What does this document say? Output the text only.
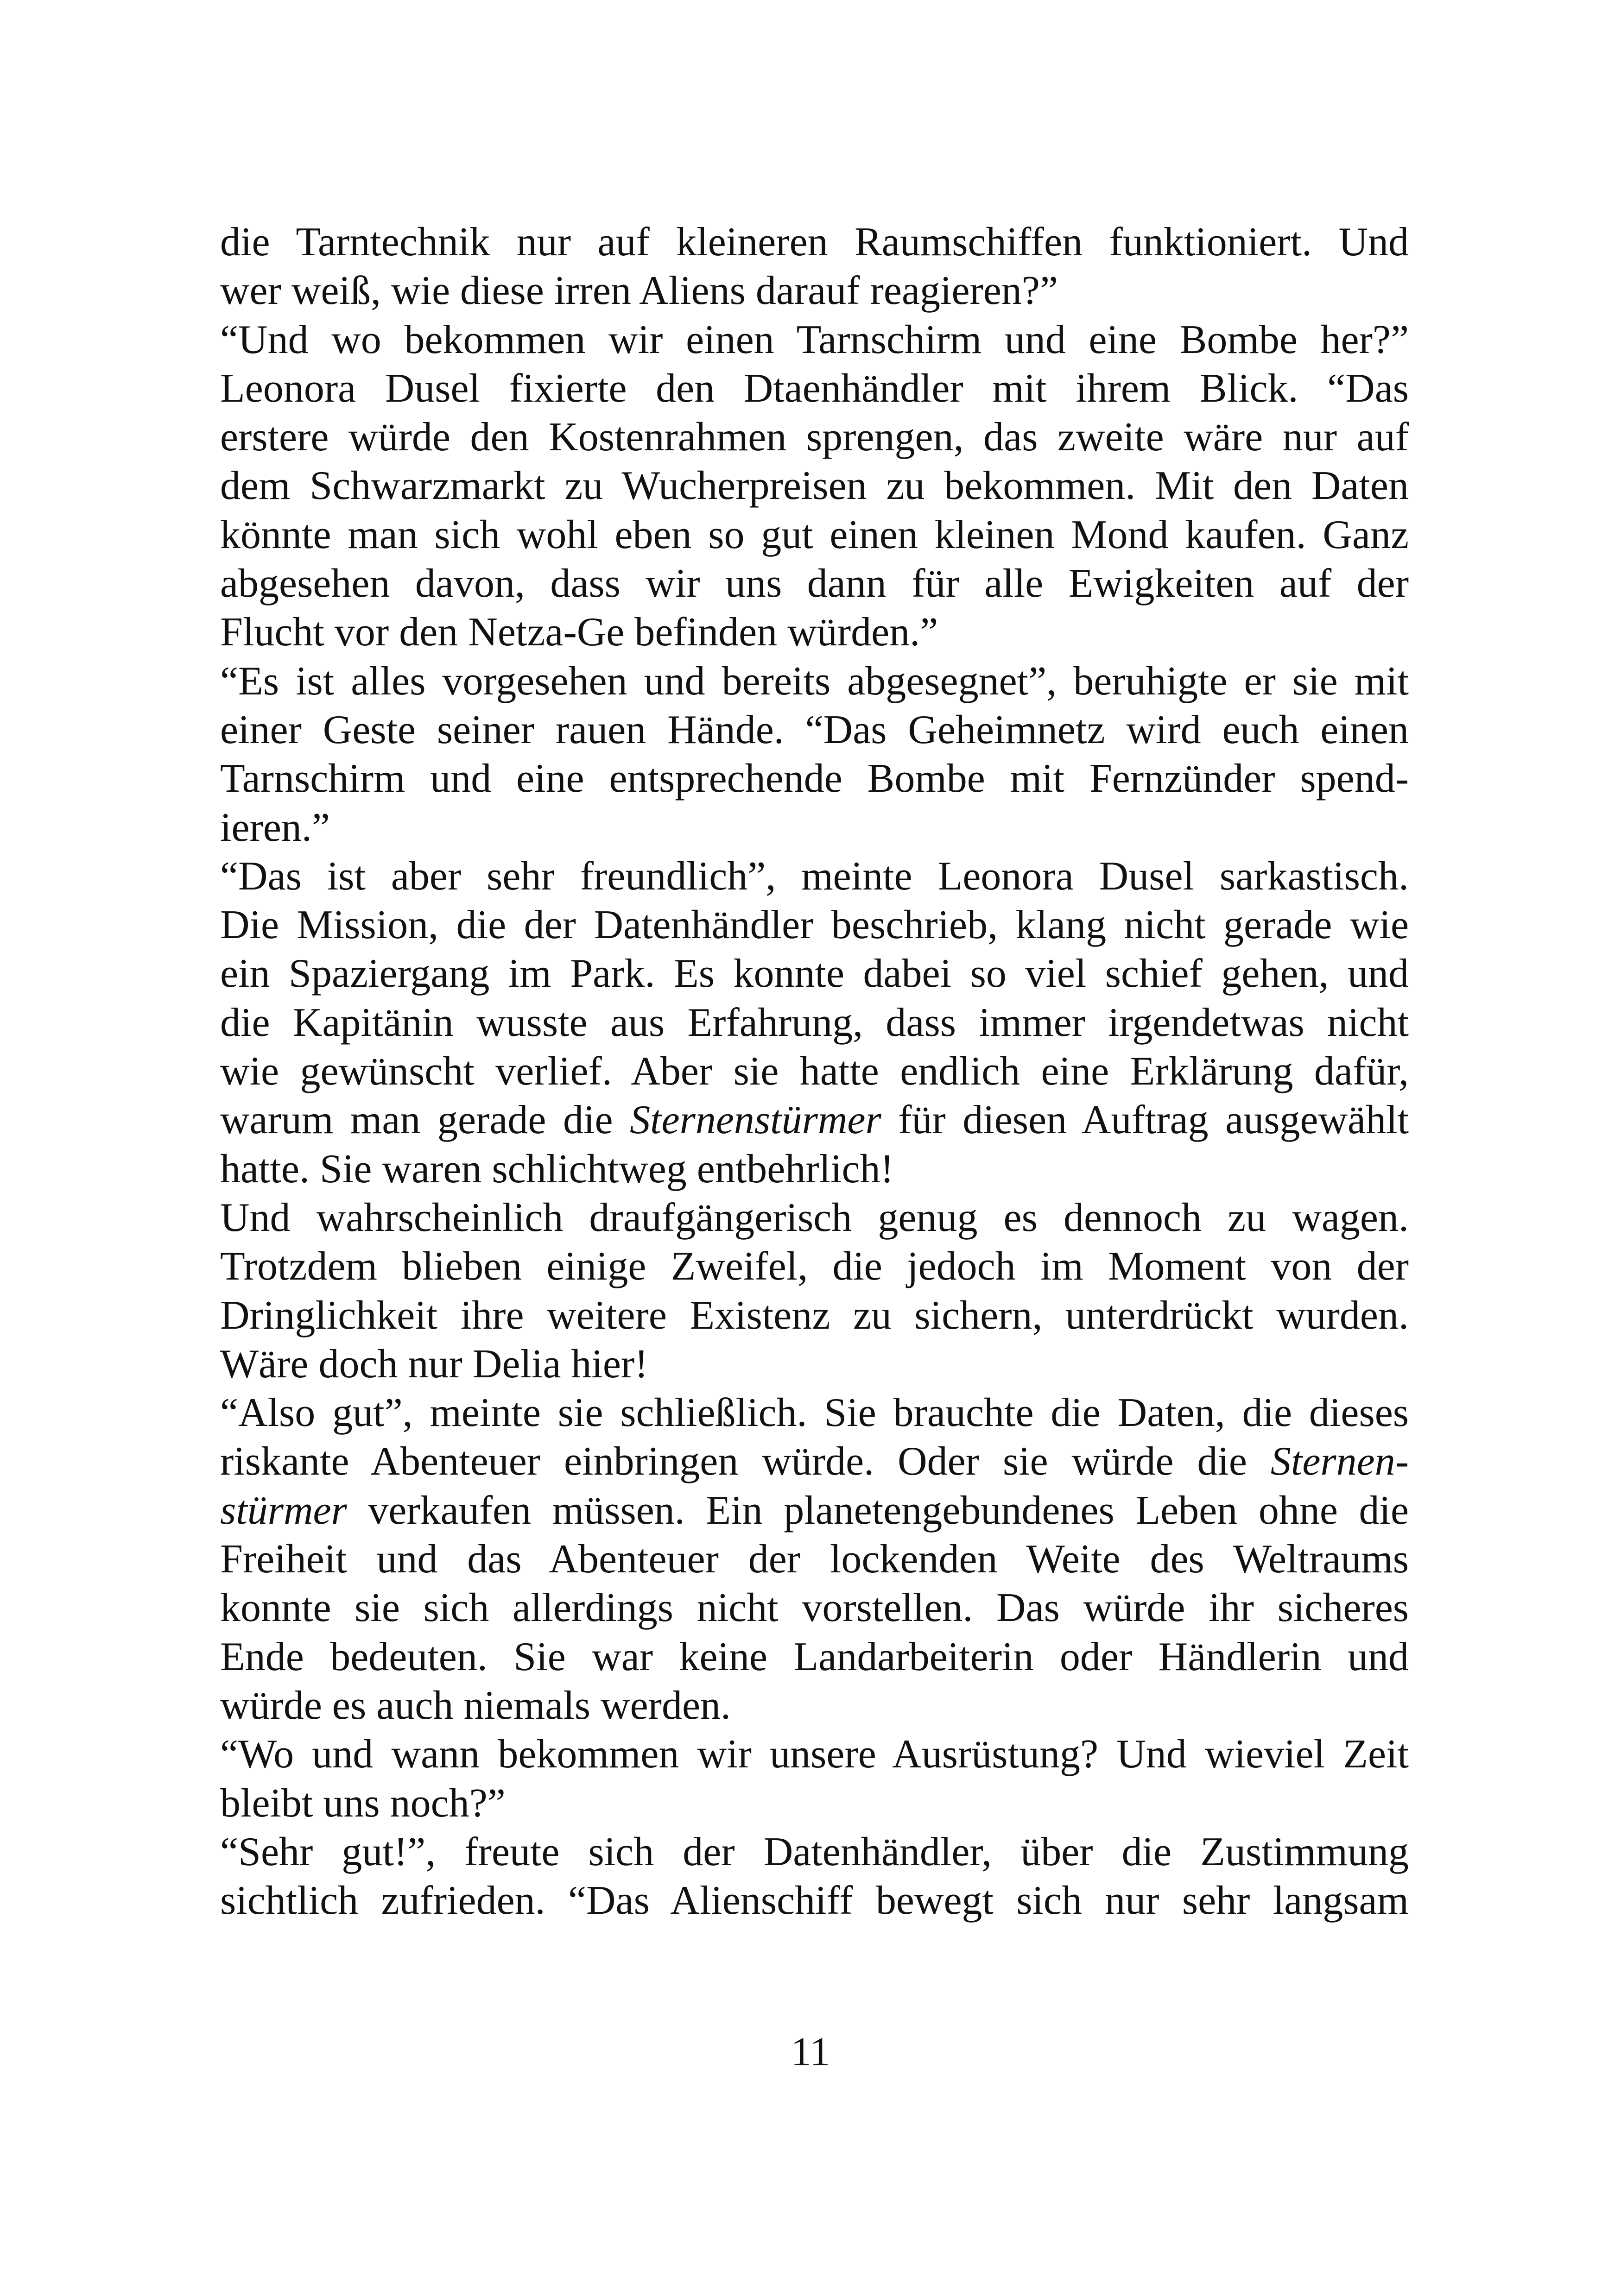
die Tarntechnik nur auf kleineren Raumschiffen funktioniert. Und
wer weiß, wie diese irren Aliens darauf reagieren?”
“Und wo bekommen wir einen Tarnschirm und eine Bombe her?”
Leonora Dusel fixierte den Dtaenhändler mit ihrem Blick. “Das
erstere würde den Kostenrahmen sprengen, das zweite wäre nur auf
dem Schwarzmarkt zu Wucherpreisen zu bekommen. Mit den Daten
könnte man sich wohl eben so gut einen kleinen Mond kaufen. Ganz
abgesehen davon, dass wir uns dann für alle Ewigkeiten auf der
Flucht vor den Netza-Ge befinden würden.”
“Es ist alles vorgesehen und bereits abgesegnet”, beruhigte er sie mit
einer Geste seiner rauen Hände. “Das Geheimnetz wird euch einen
Tarnschirm und eine entsprechende Bombe mit Fernzünder spend-
ieren.”
“Das ist aber sehr freundlich”, meinte Leonora Dusel sarkastisch.
Die Mission, die der Datenhändler beschrieb, klang nicht gerade wie
ein Spaziergang im Park. Es konnte dabei so viel schief gehen, und
die Kapitänin wusste aus Erfahrung, dass immer irgendetwas nicht
wie gewünscht verlief. Aber sie hatte endlich eine Erklärung dafür,
warum man gerade die Sternenstürmer für diesen Auftrag ausgewählt
hatte. Sie waren schlichtweg entbehrlich!
Und wahrscheinlich draufgängerisch genug es dennoch zu wagen.
Trotzdem blieben einige Zweifel, die jedoch im Moment von der
Dringlichkeit ihre weitere Existenz zu sichern, unterdrückt wurden.
Wäre doch nur Delia hier!
“Also gut”, meinte sie schließlich. Sie brauchte die Daten, die dieses
riskante Abenteuer einbringen würde. Oder sie würde die Sternen-
stürmer verkaufen müssen. Ein planetengebundenes Leben ohne die
Freiheit und das Abenteuer der lockenden Weite des Weltraums
konnte sie sich allerdings nicht vorstellen. Das würde ihr sicheres
Ende bedeuten. Sie war keine Landarbeiterin oder Händlerin und
würde es auch niemals werden.
“Wo und wann bekommen wir unsere Ausrüstung? Und wieviel Zeit
bleibt uns noch?”
“Sehr gut!”, freute sich der Datenhändler, über die Zustimmung
sichtlich zufrieden. “Das Alienschiff bewegt sich nur sehr langsam
11
